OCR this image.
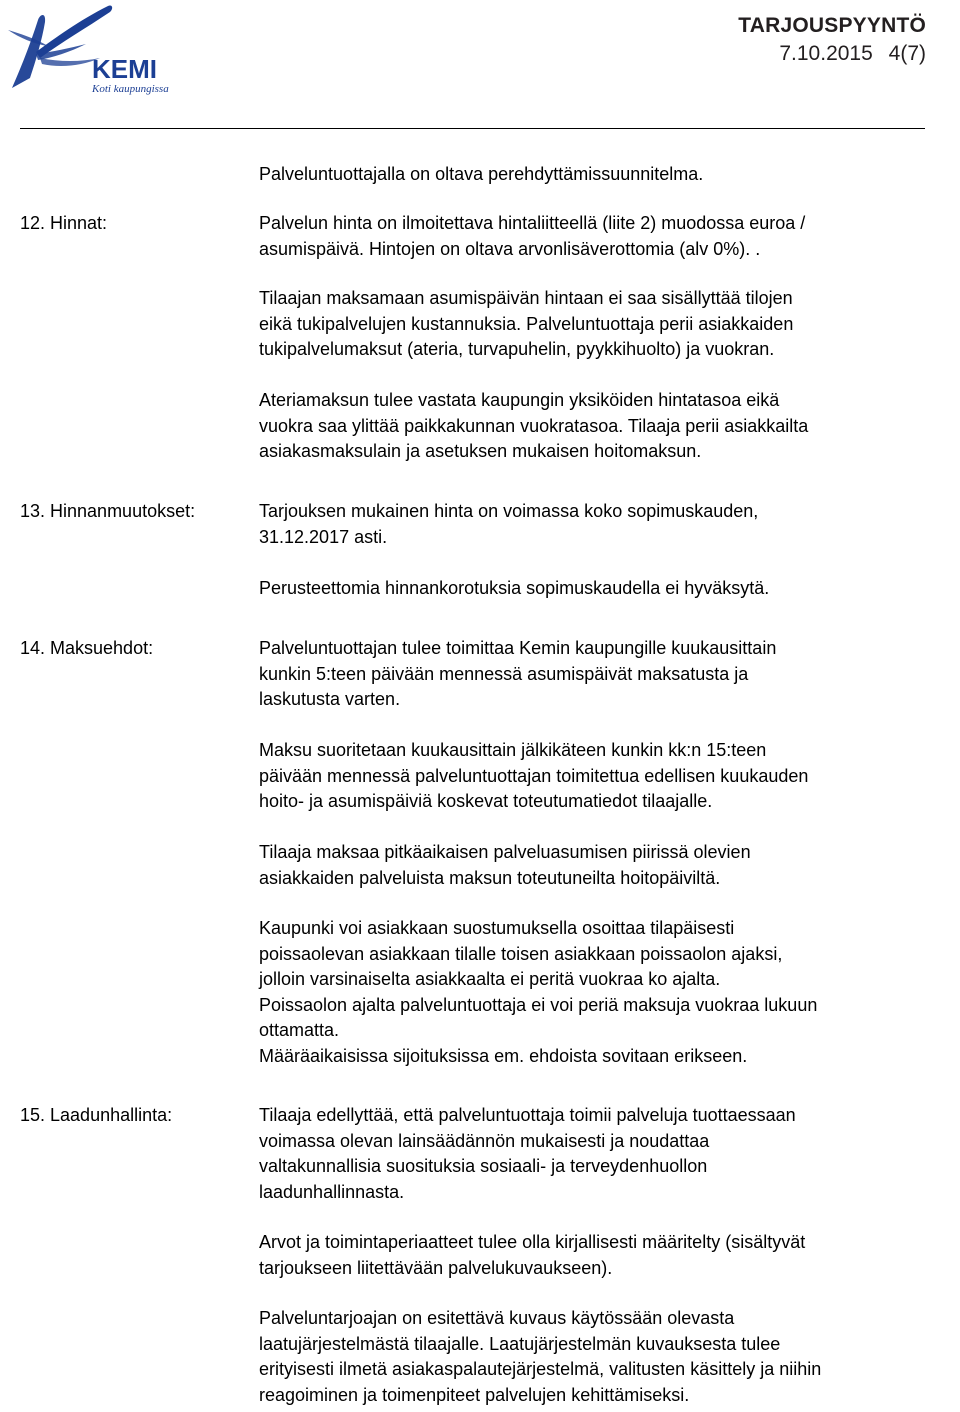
KEMI
Koti kaupungissa
TARJOUSPYYNTÖ
7.10.2015 4(7)

Palveluntuottajalla on oltava perehdyttämissuunnitelma.

12. Hinnat:	Palvelun hinta on ilmoitettava hintaliitteellä (liite 2) muodossa euroa /
asumispäivä. Hintojen on oltava arvonlisäverottomia (alv 0%). .

Tilaajan maksamaan asumispäivän hintaan ei saa sisällyttää tilojen
eikä tukipalvelujen kustannuksia. Palveluntuottaja perii asiakkaiden
tukipalvelumaksut (ateria, turvapuhelin, pyykkihuolto) ja vuokran.

Ateriamaksun tulee vastata kaupungin yksiköiden hintatasoa eikä
vuokra saa ylittää paikkakunnan vuokratasoa. Tilaaja perii asiakkailta
asiakasmaksulain ja asetuksen mukaisen hoitomaksun.

13. Hinnanmuutokset:	Tarjouksen mukainen hinta on voimassa koko sopimuskauden,
31.12.2017 asti.

Perusteettomia hinnankorotuksia sopimuskaudella ei hyväksytä.

14. Maksuehdot:	Palveluntuottajan tulee toimittaa Kemin kaupungille kuukausittain
kunkin 5:teen päivään mennessä asumispäivät maksatusta ja
laskutusta varten.

Maksu suoritetaan kuukausittain jälkikäteen kunkin kk:n 15:teen
päivään mennessä palveluntuottajan toimitettua edellisen kuukauden
hoito- ja asumispäiviä koskevat toteutumatiedot tilaajalle.

Tilaaja maksaa pitkäaikaisen palveluasumisen piirissä olevien
asiakkaiden palveluista maksun toteutuneilta hoitopäiviltä.

Kaupunki voi asiakkaan suostumuksella osoittaa tilapäisesti
poissaolevan asiakkaan tilalle toisen asiakkaan poissaolon ajaksi,
jolloin varsinaiselta asiakkaalta ei peritä vuokraa ko ajalta.
Poissaolon ajalta palveluntuottaja ei voi periä maksuja vuokraa lukuun
ottamatta.
Määräaikaisissa sijoituksissa em. ehdoista sovitaan erikseen.

15. Laadunhallinta:	Tilaaja edellyttää, että palveluntuottaja toimii palveluja tuottaessaan
voimassa olevan lainsäädännön mukaisesti ja noudattaa
valtakunnallisia suosituksia sosiaali- ja terveydenhuollon
laadunhallinnasta.

Arvot ja toimintaperiaatteet tulee olla kirjallisesti määritelty (sisältyvät
tarjoukseen liitettävään palvelukuvaukseen).

Palveluntarjoajan on esitettävä kuvaus käytössään olevasta
laatujärjestelmästä tilaajalle. Laatujärjestelmän kuvauksesta tulee
erityisesti ilmetä asiakaspalautejärjestelmä, valitusten käsittely ja niihin
reagoiminen ja toimenpiteet palvelujen kehittämiseksi.
